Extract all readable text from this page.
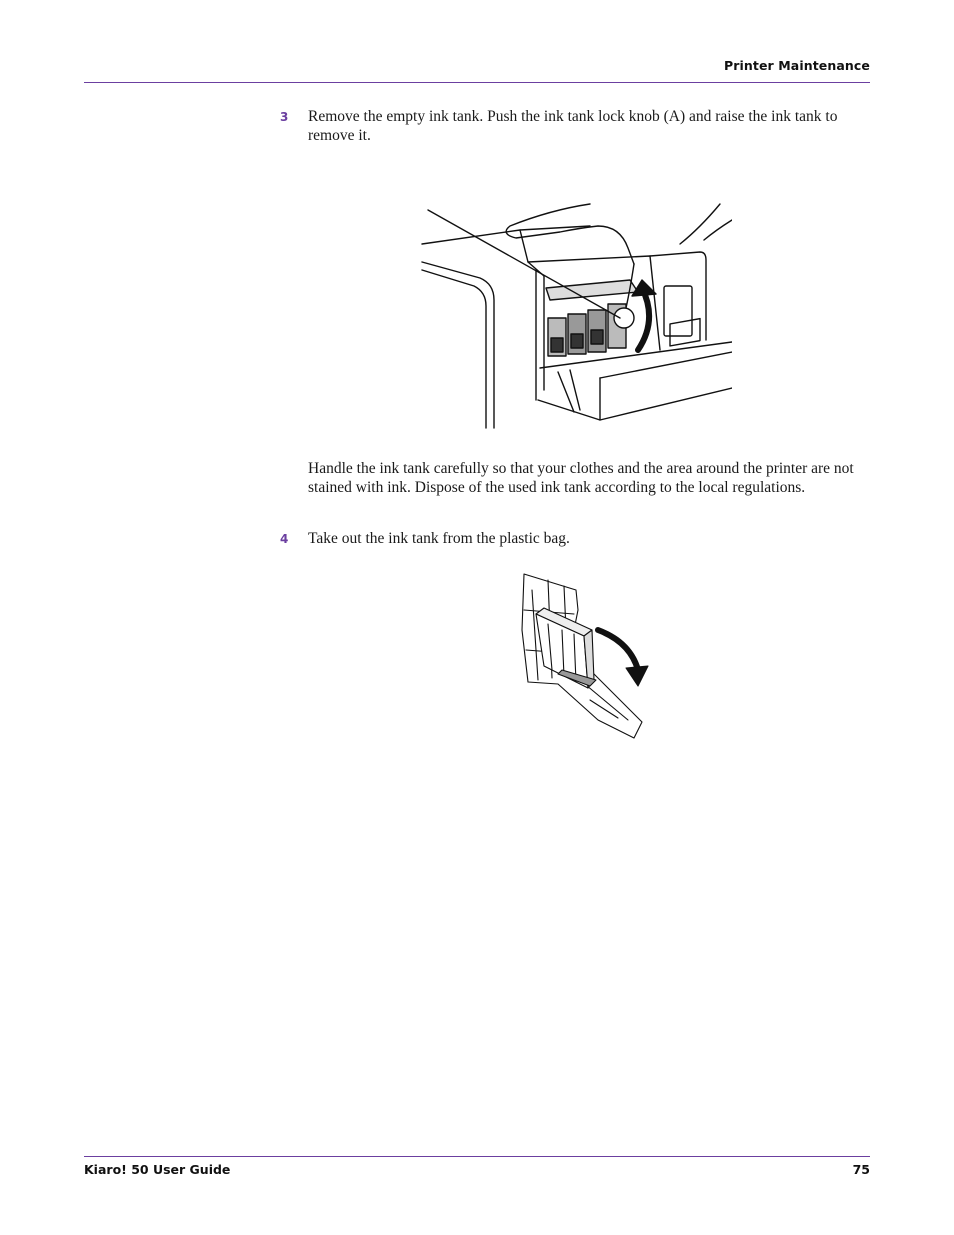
Printer Maintenance
3 Remove the empty ink tank. Push the ink tank lock knob (A) and raise the ink tank to remove it.
Handle the ink tank carefully so that your clothes and the area around the printer are not stained with ink. Dispose of the used ink tank according to the local regulations.
4 Take out the ink tank from the plastic bag.
Kiaro! 50 User Guide	75
